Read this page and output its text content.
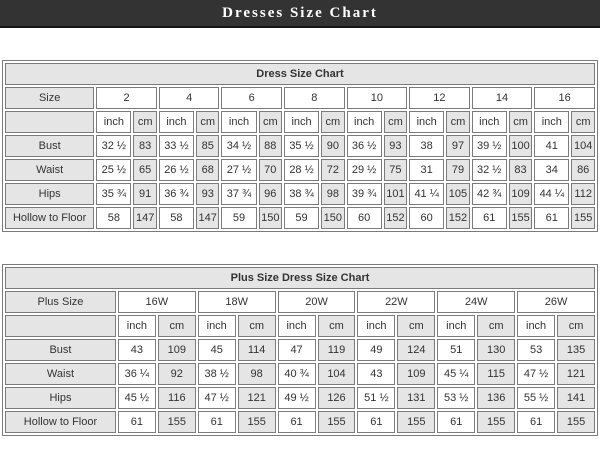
Dresses Size Chart
Dress Size Chart																
Size	2		4		6		8		10		12		14		16	
	inch	cm	inch	cm	inch	cm	inch	cm	inch	cm	inch	cm	inch	cm	inch	cm
Bust	32 ½	83	33 ½	85	34 ½	88	35 ½	90	36 ½	93	38	97	39 ½	100	41	104
Waist	25 ½	65	26 ½	68	27 ½	70	28 ½	72	29 ½	75	31	79	32 ½	83	34	86
Hips	35 ¾	91	36 ¾	93	37 ¾	96	38 ¾	98	39 ¾	101	41 ¼	105	42 ¾	109	44 ¼	112
Hollow to Floor	58	147	58	147	59	150	59	150	60	152	60	152	61	155	61	155
Plus Size Dress Size Chart												
Plus Size	16W		18W		20W		22W		24W		26W	
	inch	cm	inch	cm	inch	cm	inch	cm	inch	cm	inch	cm
Bust	43	109	45	114	47	119	49	124	51	130	53	135
Waist	36 ¼	92	38 ½	98	40 ¾	104	43	109	45 ¼	115	47 ½	121
Hips	45 ½	116	47 ½	121	49 ½	126	51 ½	131	53 ½	136	55 ½	141
Hollow to Floor	61	155	61	155	61	155	61	155	61	155	61	155
